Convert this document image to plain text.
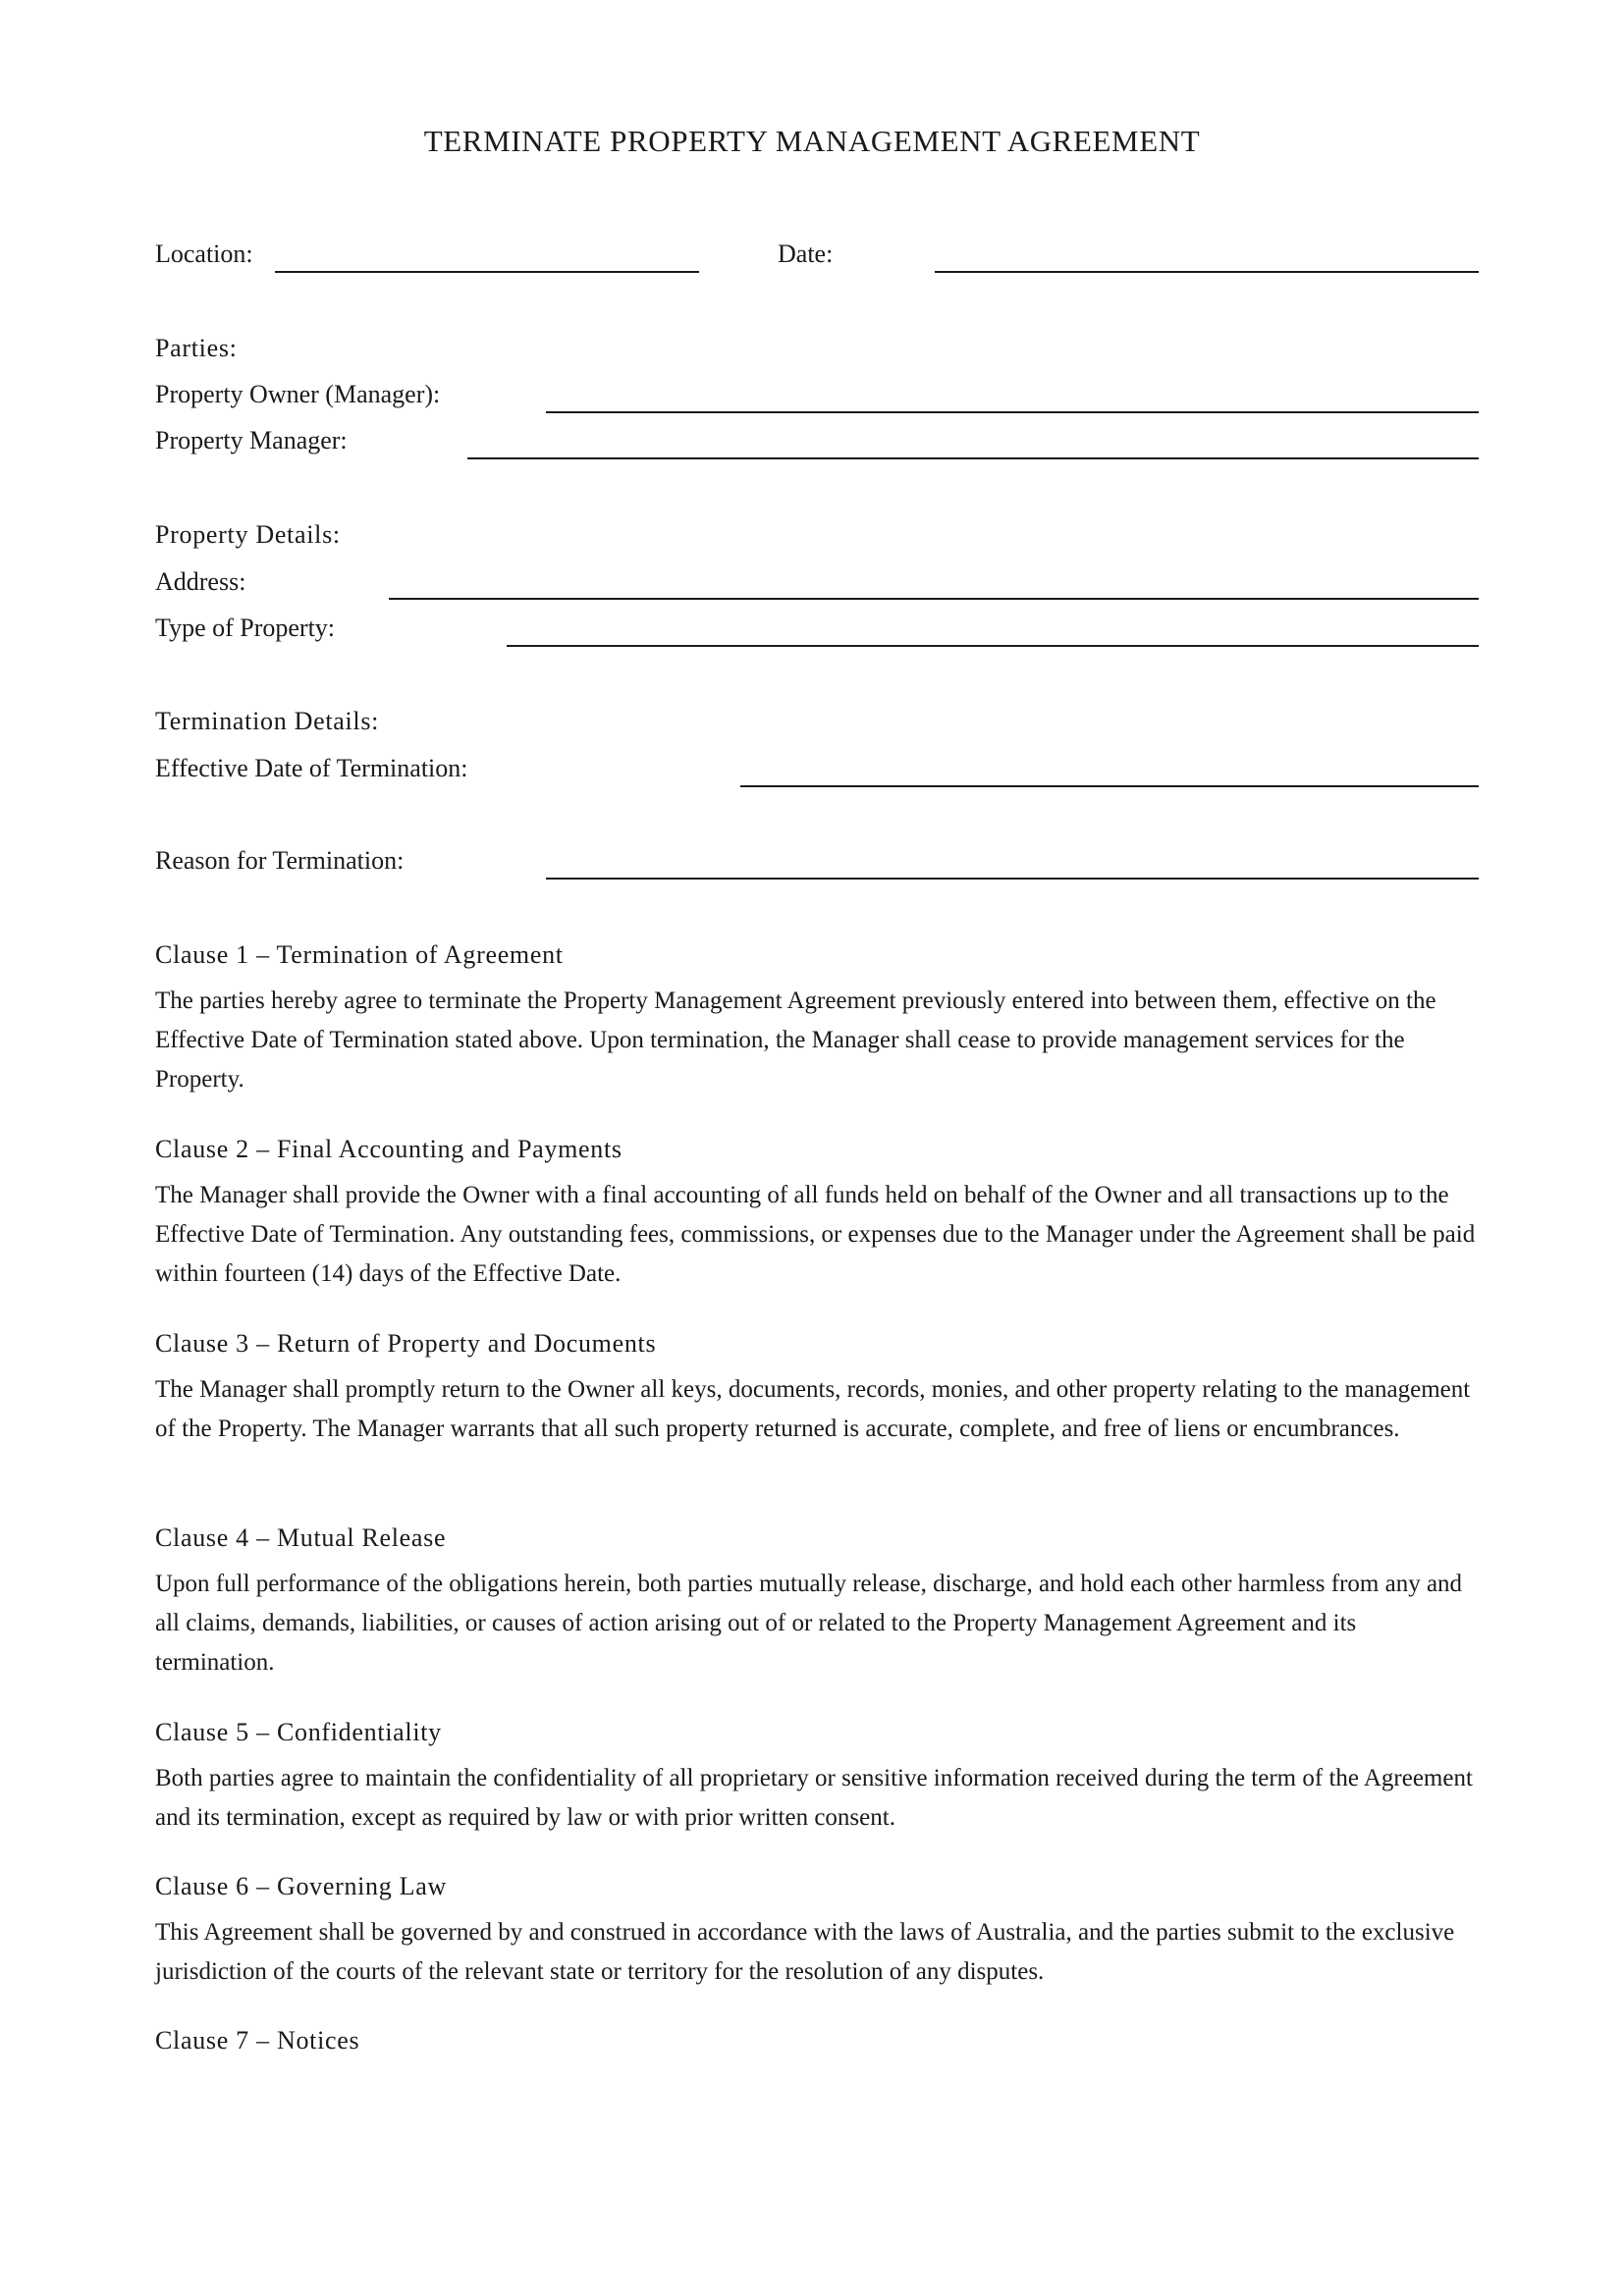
TERMINATE PROPERTY MANAGEMENT AGREEMENT
Location:	Date:
Parties:
Property Owner (Manager):
Property Manager:
Property Details:
Address:
Type of Property:
Termination Details:
Effective Date of Termination:
Reason for Termination:
Clause 1 – Termination of Agreement

The parties hereby agree to terminate the Property Management Agreement previously entered into between them, effective on the Effective Date of Termination stated above. Upon termination, the Manager shall cease to provide management services for the Property.

Clause 2 – Final Accounting and Payments

The Manager shall provide the Owner with a final accounting of all funds held on behalf of the Owner and all transactions up to the Effective Date of Termination. Any outstanding fees, commissions, or expenses due to the Manager under the Agreement shall be paid within fourteen (14) days of the Effective Date.

Clause 3 – Return of Property and Documents

The Manager shall promptly return to the Owner all keys, documents, records, monies, and other property relating to the management of the Property. The Manager warrants that all such property returned is accurate, complete, and free of liens or encumbrances.

Clause 4 – Mutual Release

Upon full performance of the obligations herein, both parties mutually release, discharge, and hold each other harmless from any and all claims, demands, liabilities, or causes of action arising out of or related to the Property Management Agreement and its termination.

Clause 5 – Confidentiality

Both parties agree to maintain the confidentiality of all proprietary or sensitive information received during the term of the Agreement and its termination, except as required by law or with prior written consent.

Clause 6 – Governing Law

This Agreement shall be governed by and construed in accordance with the laws of Australia, and the parties submit to the exclusive jurisdiction of the courts of the relevant state or territory for the resolution of any disputes.

Clause 7 – Notices
